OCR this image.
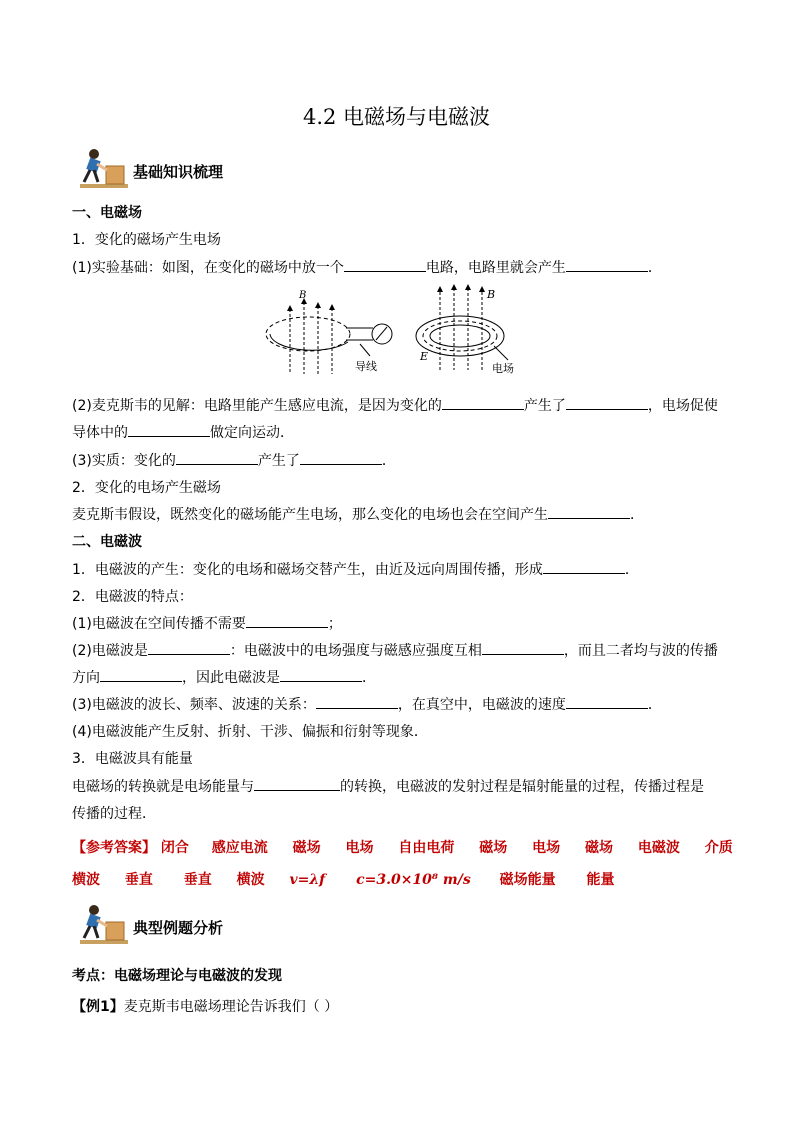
4.2 电磁场与电磁波
基础知识梳理
一、电磁场
1．变化的磁场产生电场
(1)实验基础：如图，在变化的磁场中放一个	电路，电路里就会产生	．
B
导线
B
E
电场
(2)麦克斯韦的见解：电路里能产生感应电流，是因为变化的	产生了	，电场促使
导体中的	做定向运动．
(3)实质：变化的	产生了	．
2．变化的电场产生磁场
麦克斯韦假设，既然变化的磁场能产生电场，那么变化的电场也会在空间产生	．
二、电磁波
1．电磁波的产生：变化的电场和磁场交替产生，由近及远向周围传播，形成	．
2．电磁波的特点：
(1)电磁波在空间传播不需要	；
(2)电磁波是	：电磁波中的电场强度与磁感应强度互相	，而且二者均与波的传播
方向	，因此电磁波是	．
(3)电磁波的波长、频率、波速的关系：	，在真空中，电磁波的速度	．
(4)电磁波能产生反射、折射、干涉、偏振和衍射等现象．
3．电磁波具有能量
电磁场的转换就是电场能量与	的转换，电磁波的发射过程是辐射能量的过程，传播过程是
传播的过程．
【参考答案】 闭合 感应电流 磁场 电场 自由电荷 磁场 电场 磁场 电磁波 介质
横波 垂直 垂直 横波 v=λf c=3.0×10⁸ m/s 磁场能量 能量
典型例题分析
考点：电磁场理论与电磁波的发现
【例1】麦克斯韦电磁场理论告诉我们（ ）
